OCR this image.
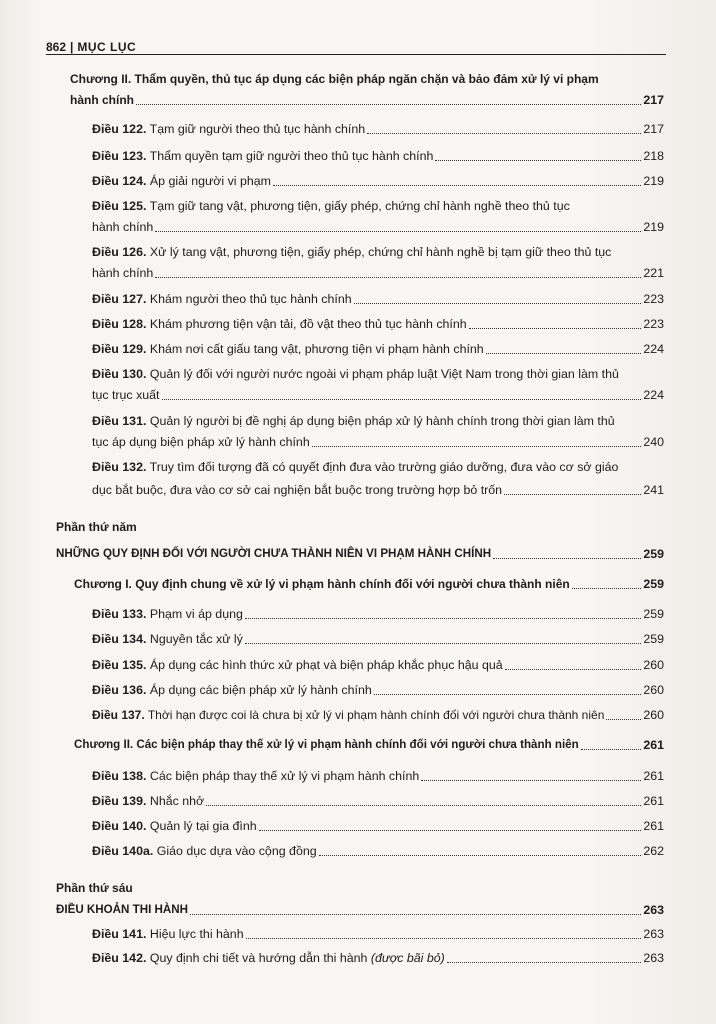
862 | MỤC LỤC
Chương II. Thẩm quyền, thủ tục áp dụng các biện pháp ngăn chặn và bảo đảm xử lý vi phạm
hành chính	217
Điều 122. Tạm giữ người theo thủ tục hành chính	217
Điều 123. Thẩm quyền tạm giữ người theo thủ tục hành chính	218
Điều 124. Áp giải người vi phạm	219
Điều 125. Tạm giữ tang vật, phương tiện, giấy phép, chứng chỉ hành nghề theo thủ tục
hành chính	219
Điều 126. Xử lý tang vật, phương tiện, giấy phép, chứng chỉ hành nghề bị tạm giữ theo thủ tục
hành chính	221
Điều 127. Khám người theo thủ tục hành chính	223
Điều 128. Khám phương tiện vận tải, đồ vật theo thủ tục hành chính	223
Điều 129. Khám nơi cất giấu tang vật, phương tiện vi phạm hành chính	224
Điều 130. Quản lý đối với người nước ngoài vi phạm pháp luật Việt Nam trong thời gian làm thủ
tục trục xuất	224
Điều 131. Quản lý người bị đề nghị áp dụng biện pháp xử lý hành chính trong thời gian làm thủ
tục áp dụng biện pháp xử lý hành chính	240
Điều 132. Truy tìm đối tượng đã có quyết định đưa vào trường giáo dưỡng, đưa vào cơ sở giáo
dục bắt buộc, đưa vào cơ sở cai nghiện bắt buộc trong trường hợp bỏ trốn	241
Phần thứ năm
NHỮNG QUY ĐỊNH ĐỐI VỚI NGƯỜI CHƯA THÀNH NIÊN VI PHẠM HÀNH CHÍNH	259
Chương I. Quy định chung về xử lý vi phạm hành chính đối với người chưa thành niên	259
Điều 133. Phạm vi áp dụng	259
Điều 134. Nguyên tắc xử lý	259
Điều 135. Áp dụng các hình thức xử phạt và biện pháp khắc phục hậu quả	260
Điều 136. Áp dụng các biện pháp xử lý hành chính	260
Điều 137. Thời hạn được coi là chưa bị xử lý vi phạm hành chính đối với người chưa thành niên	260
Chương II. Các biện pháp thay thế xử lý vi phạm hành chính đối với người chưa thành niên	261
Điều 138. Các biện pháp thay thế xử lý vi phạm hành chính	261
Điều 139. Nhắc nhở	261
Điều 140. Quản lý tại gia đình	261
Điều 140a. Giáo dục dựa vào cộng đồng	262
Phần thứ sáu
ĐIỀU KHOẢN THI HÀNH	263
Điều 141. Hiệu lực thi hành	263
Điều 142. Quy định chi tiết và hướng dẫn thi hành (được bãi bỏ)	263
